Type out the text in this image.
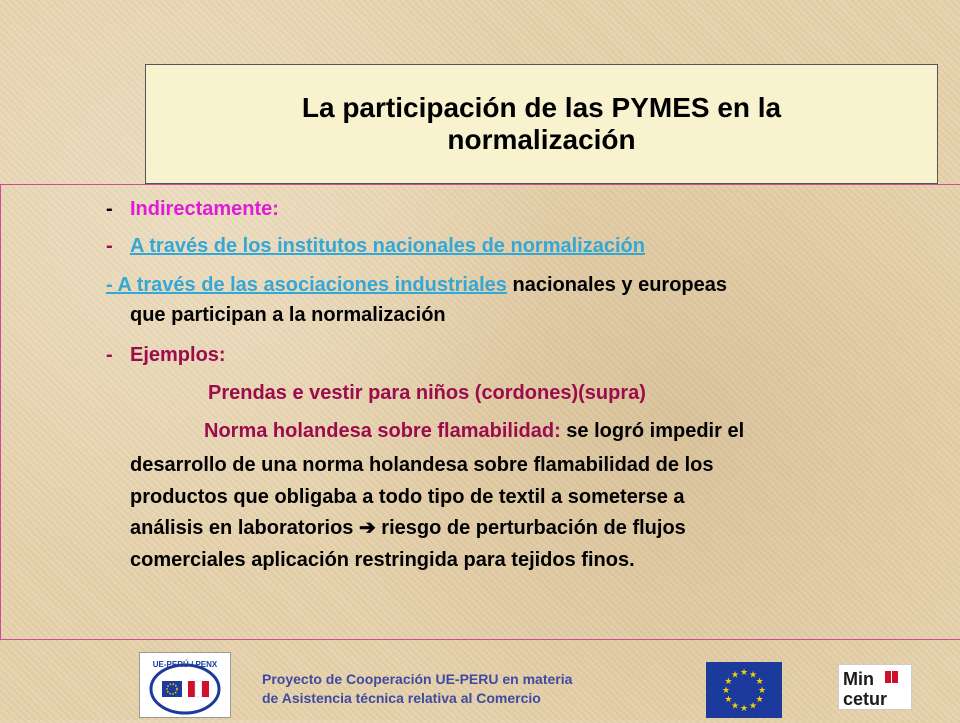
La participación de las PYMES en la
normalización
- Indirectamente:
- A través de los institutos nacionales de normalización
- A través de las asociaciones industriales nacionales y europeas
que participan a la normalización
- Ejemplos:
Prendas e vestir para niños (cordones)(supra)
Norma holandesa sobre flamabilidad: se logró impedir el
desarrollo de una norma holandesa sobre flamabilidad de los
productos que obligaba a todo tipo de textil a someterse a
análisis en laboratorios ➔ riesgo de perturbación de flujos
comerciales aplicación restringida para tejidos finos.
UE-PERÚ / PENX
Proyecto de Cooperación UE-PERU en materia
de Asistencia técnica relativa al Comercio
★ ★
★
★
★
★
★
★
★
★
★
★	Min
cetur
